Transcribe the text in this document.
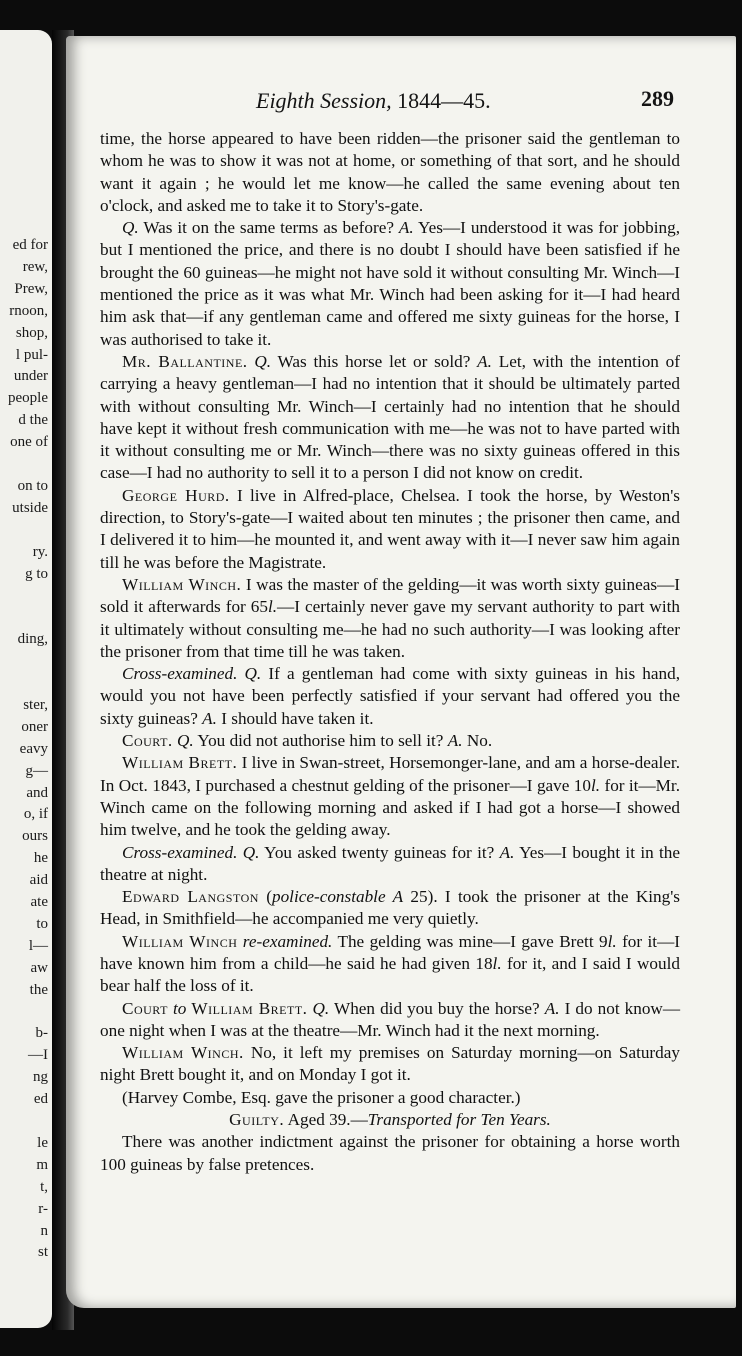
ed for
rew,
Prew,
rnoon,
shop,
l pul-
under
people
d the
one of
on to
utside
ry.
g to
ding,
ster,
oner
eavy
g—
and
o, if
ours
he
aid
ate
to
l—
aw
the
b-
—I
ng
ed
le
m
t,
r-
n
st
Eighth Session, 1844—45.	289

time, the horse appeared to have been ridden—the prisoner said the gentleman to whom he was to show it was not at home, or something of that sort, and he should want it again ; he would let me know—he called the same evening about ten o'clock, and asked me to take it to Story's-gate.

Q. Was it on the same terms as before? A. Yes—I understood it was for jobbing, but I mentioned the price, and there is no doubt I should have been satisfied if he brought the 60 guineas—he might not have sold it without consulting Mr. Winch—I mentioned the price as it was what Mr. Winch had been asking for it—I had heard him ask that—if any gentleman came and offered me sixty guineas for the horse, I was authorised to take it.

Mr. Ballantine. Q. Was this horse let or sold? A. Let, with the intention of carrying a heavy gentleman—I had no intention that it should be ultimately parted with without consulting Mr. Winch—I certainly had no intention that he should have kept it without fresh communication with me—he was not to have parted with it without consulting me or Mr. Winch—there was no sixty guineas offered in this case—I had no authority to sell it to a person I did not know on credit.

George Hurd. I live in Alfred-place, Chelsea. I took the horse, by Weston's direction, to Story's-gate—I waited about ten minutes ; the prisoner then came, and I delivered it to him—he mounted it, and went away with it—I never saw him again till he was before the Magistrate.

William Winch. I was the master of the gelding—it was worth sixty guineas—I sold it afterwards for 65l.—I certainly never gave my servant authority to part with it ultimately without consulting me—he had no such authority—I was looking after the prisoner from that time till he was taken.

Cross-examined. Q. If a gentleman had come with sixty guineas in his hand, would you not have been perfectly satisfied if your servant had offered you the sixty guineas? A. I should have taken it.

Court. Q. You did not authorise him to sell it? A. No.

William Brett. I live in Swan-street, Horsemonger-lane, and am a horse-dealer. In Oct. 1843, I purchased a chestnut gelding of the prisoner—I gave 10l. for it—Mr. Winch came on the following morning and asked if I had got a horse—I showed him twelve, and he took the gelding away.

Cross-examined. Q. You asked twenty guineas for it? A. Yes—I bought it in the theatre at night.

Edward Langston (police-constable A 25). I took the prisoner at the King's Head, in Smithfield—he accompanied me very quietly.

William Winch re-examined. The gelding was mine—I gave Brett 9l. for it—I have known him from a child—he said he had given 18l. for it, and I said I would bear half the loss of it.

Court to William Brett. Q. When did you buy the horse? A. I do not know—one night when I was at the theatre—Mr. Winch had it the next morning.

William Winch. No, it left my premises on Saturday morning—on Saturday night Brett bought it, and on Monday I got it.

(Harvey Combe, Esq. gave the prisoner a good character.)

Guilty. Aged 39.—Transported for Ten Years.

There was another indictment against the prisoner for obtaining a horse worth 100 guineas by false pretences.
